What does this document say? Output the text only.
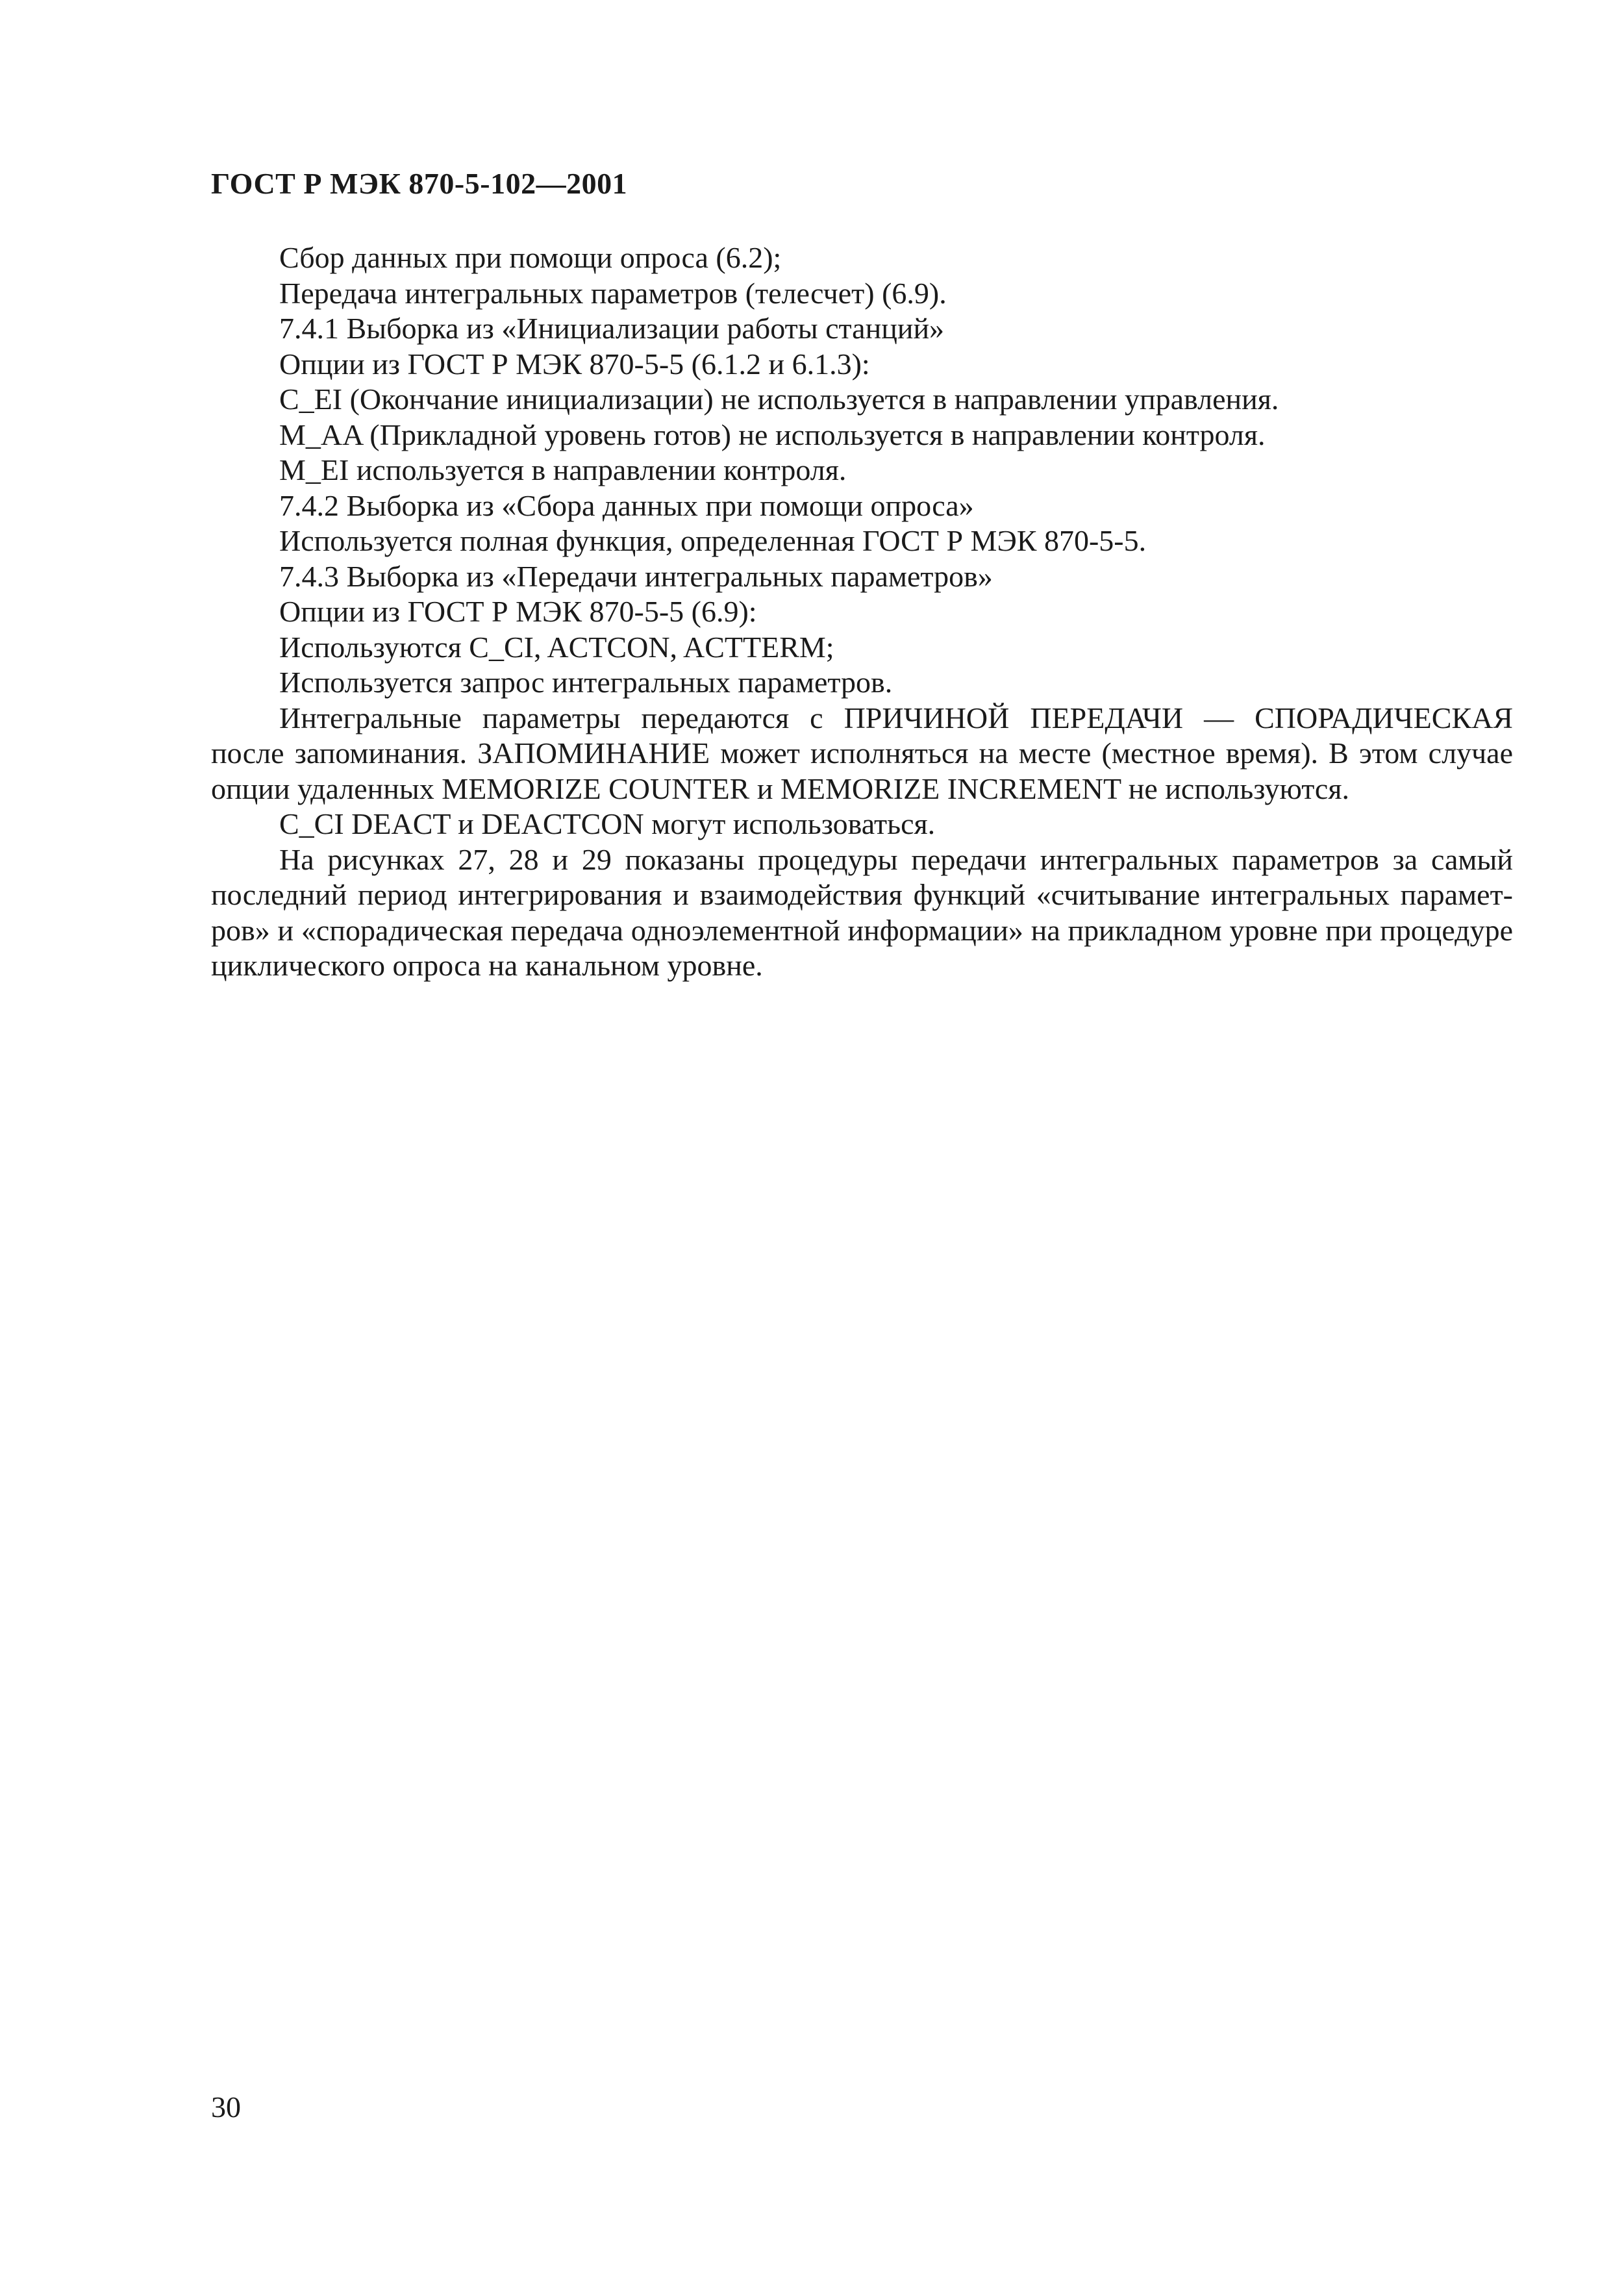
ГОСТ Р МЭК 870-5-102—2001
Сбор данных при помощи опроса (6.2);
Передача интегральных параметров (телесчет) (6.9).
7.4.1 Выборка из «Инициализации работы станций»
Опции из ГОСТ Р МЭК 870-5-5 (6.1.2 и 6.1.3):
C_EI (Окончание инициализации) не используется в направлении управления.
M_AA (Прикладной уровень готов) не используется в направлении контроля.
M_EI используется в направлении контроля.
7.4.2 Выборка из «Сбора данных при помощи опроса»
Используется полная функция, определенная ГОСТ Р МЭК 870-5-5.
7.4.3 Выборка из «Передачи интегральных параметров»
Опции из ГОСТ Р МЭК 870-5-5 (6.9):
Используются C_CI, ACTCON, ACTTERM;
Используется запрос интегральных параметров.
Интегральные параметры передаются с ПРИЧИНОЙ ПЕРЕДАЧИ — СПОРАДИЧЕСКАЯ
после запоминания. ЗАПОМИНАНИЕ может исполняться на месте (местное время). В этом случае
опции удаленных MEMORIZE COUNTER и MEMORIZE INCREMENT не используются.
C_CI DEACT и DEACTCON могут использоваться.
На рисунках 27, 28 и 29 показаны процедуры передачи интегральных параметров за самый
последний период интегрирования и взаимодействия функций «считывание интегральных парамет-
ров» и «спорадическая передача одноэлементной информации» на прикладном уровне при процедуре
циклического опроса на канальном уровне.
30
